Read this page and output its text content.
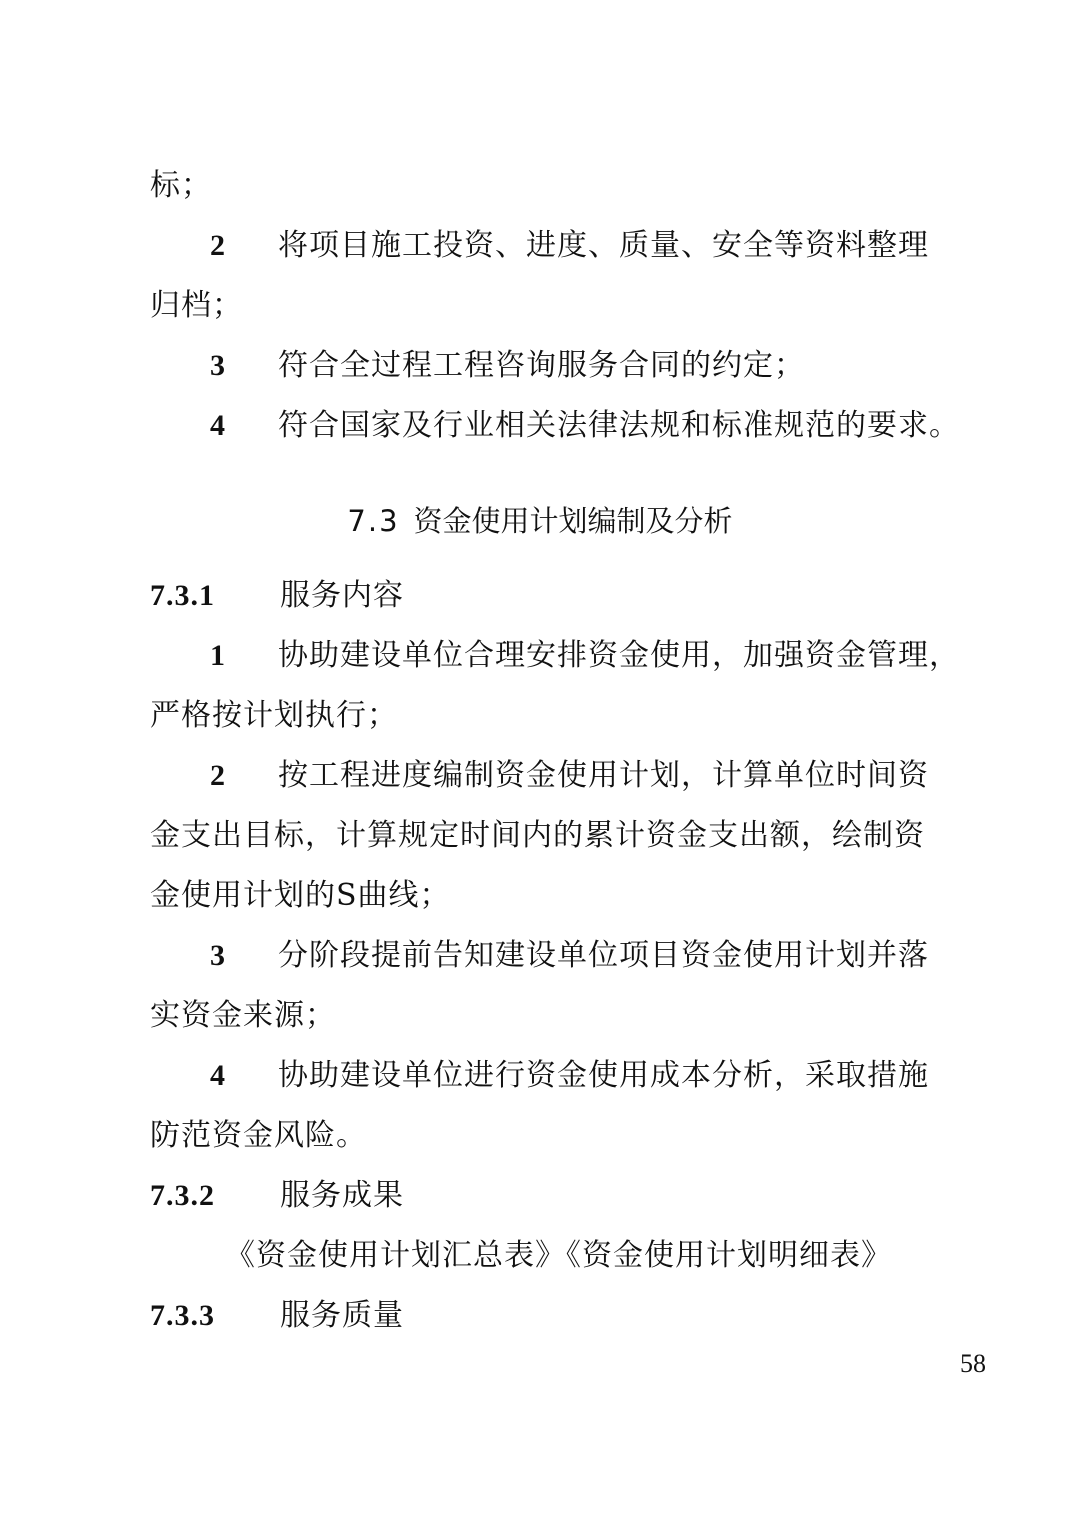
标；
2 将项目施工投资、进度、质量、安全等资料整理
归档；
3 符合全过程工程咨询服务合同的约定；
4 符合国家及行业相关法律法规和标准规范的要求。
7.3 资金使用计划编制及分析
7.3.1 服务内容
1 协助建设单位合理安排资金使用，加强资金管理，
严格按计划执行；
2 按工程进度编制资金使用计划，计算单位时间资
金支出目标，计算规定时间内的累计资金支出额，绘制资
金使用计划的S曲线；
3 分阶段提前告知建设单位项目资金使用计划并落
实资金来源；
4 协助建设单位进行资金使用成本分析，采取措施
防范资金风险。
7.3.2 服务成果
《资金使用计划汇总表》《资金使用计划明细表》
7.3.3 服务质量
58
